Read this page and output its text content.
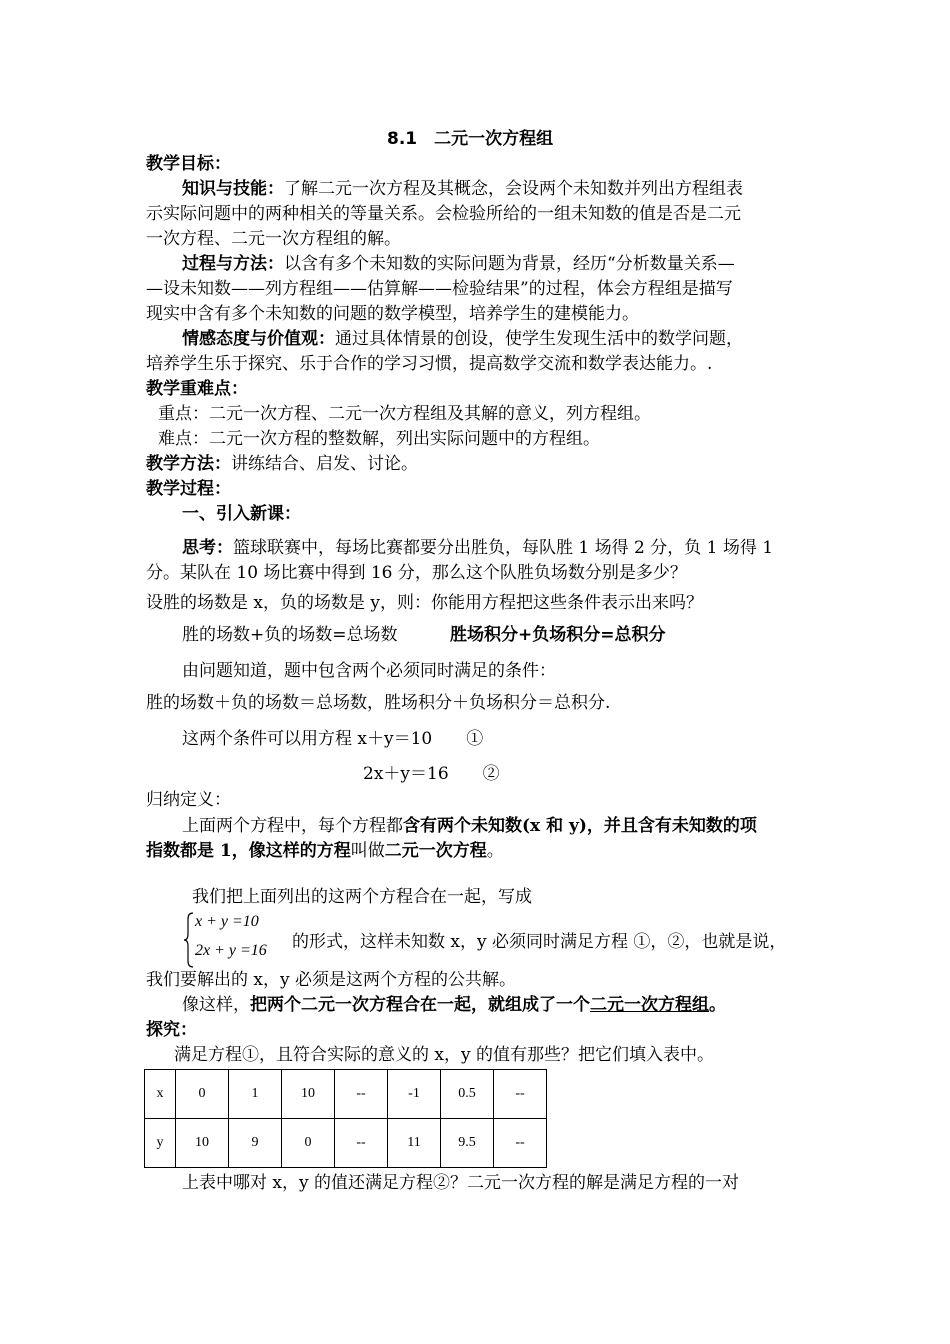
8.1　二元一次方程组
教学目标：
知识与技能：了解二元一次方程及其概念，会设两个未知数并列出方程组表
示实际问题中的两种相关的等量关系。会检验所给的一组未知数的值是否是二元
一次方程、二元一次方程组的解。
过程与方法：以含有多个未知数的实际问题为背景，经历“分析数量关系—
—设未知数——列方程组——估算解——检验结果”的过程，体会方程组是描写
现实中含有多个未知数的问题的数学模型，培养学生的建模能力。
情感态度与价值观：通过具体情景的创设，使学生发现生活中的数学问题，
培养学生乐于探究、乐于合作的学习习惯，提高数学交流和数学表达能力。.
教学重难点：
重点：二元一次方程、二元一次方程组及其解的意义，列方程组。
难点：二元一次方程的整数解，列出实际问题中的方程组。
教学方法：讲练结合、启发、讨论。
教学过程：
一、引入新课：
思考：篮球联赛中，每场比赛都要分出胜负，每队胜 1 场得 2 分，负 1 场得 1
分。某队在 10 场比赛中得到 16 分，那么这个队胜负场数分别是多少？
设胜的场数是 x，负的场数是 y，则：你能用方程把这些条件表示出来吗？
胜的场数+负的场数=总场数	胜场积分+负场积分=总积分
由问题知道，题中包含两个必须同时满足的条件：
胜的场数＋负的场数＝总场数，胜场积分＋负场积分＝总积分.
这两个条件可以用方程 x＋y＝10　　①
2x＋y＝16　　②
归纳定义：
上面两个方程中，每个方程都含有两个未知数(x 和 y)，并且含有未知数的项
指数都是 1，像这样的方程叫做二元一次方程。
我们把上面列出的这两个方程合在一起，写成
x + y =10
2x + y =16 的形式，这样未知数 x，y 必须同时满足方程 ①，②，也就是说，
我们要解出的 x，y 必须是这两个方程的公共解。
像这样，把两个二元一次方程合在一起，就组成了一个二元一次方程组。
探究：
满足方程①，且符合实际的意义的 x，y 的值有那些？把它们填入表中。
x	0	1	10	--	-1	0.5	--
y	10	9	0	--	11	9.5	--
上表中哪对 x，y 的值还满足方程②？二元一次方程的解是满足方程的一对
